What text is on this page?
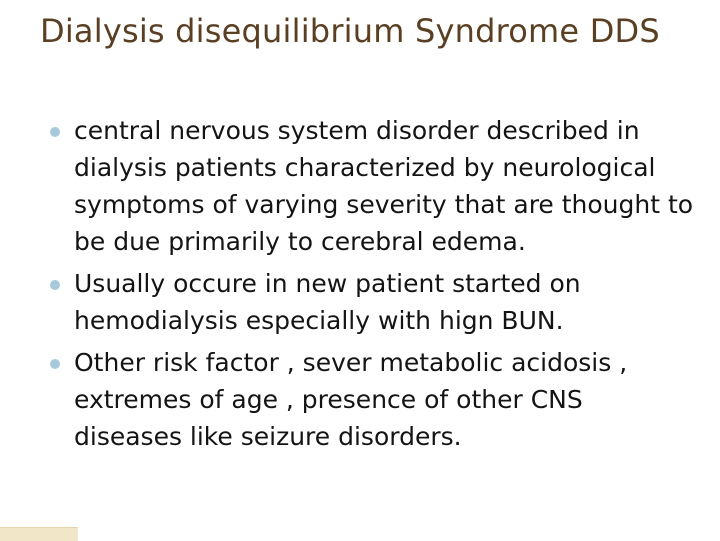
Dialysis disequilibrium Syndrome DDS
central nervous system disorder described in dialysis patients characterized by neurological symptoms of varying severity that are thought to be due primarily to cerebral edema.
Usually occure in new patient started on hemodialysis especially with hign BUN.
Other risk factor , sever metabolic acidosis , extremes of age , presence of other CNS diseases like seizure disorders.
